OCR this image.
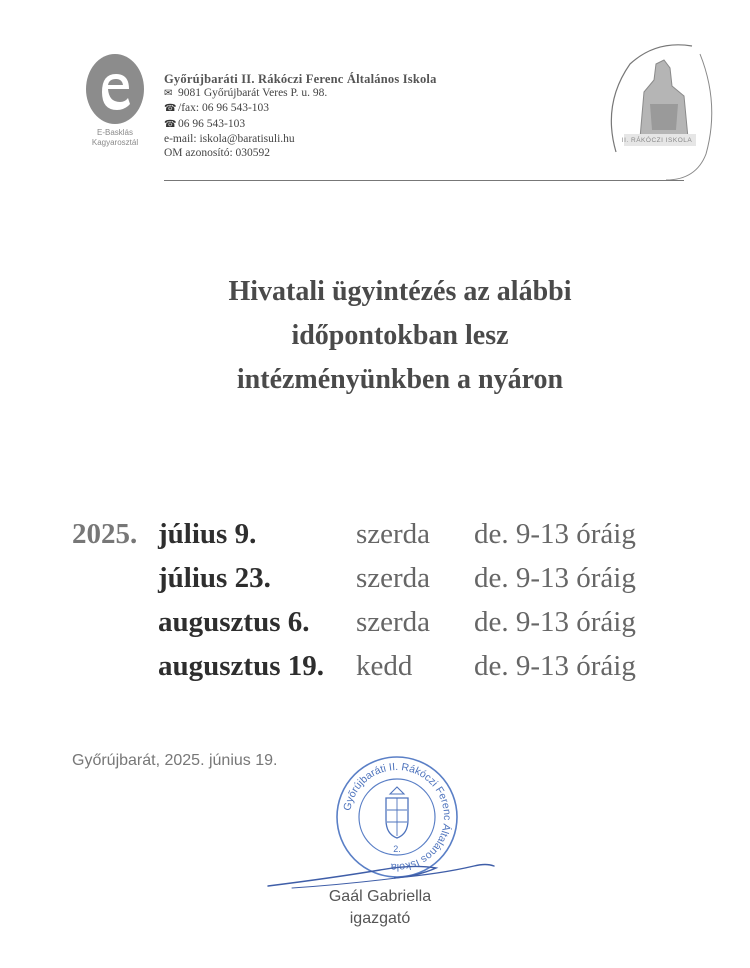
E-Basklás
Kagyarosztál
Győrújbaráti II. Rákóczi Ferenc Általános Iskola
✉ 9081 Győrújbarát Veres P. u. 98.
☎ /fax: 06 96 543-103
☎ 06 96 543-103
e-mail: iskola@baratisuli.hu
OM azonosító: 030592
II. RÁKÓCZI ISKOLA
Hivatali ügyintézés az alábbi
időpontokban lesz
intézményünkben a nyáron
2025. július 9.	szerda de. 9-13 óráig
július 23.	szerda de. 9-13 óráig
augusztus 6. szerda de. 9-13 óráig
augusztus 19. kedd de. 9-13 óráig
Győrújbarát, 2025. június 19.
Győrújbaráti II. Rákóczi Ferenc Általános Iskola
2.
Gaál Gabriella
igazgató
